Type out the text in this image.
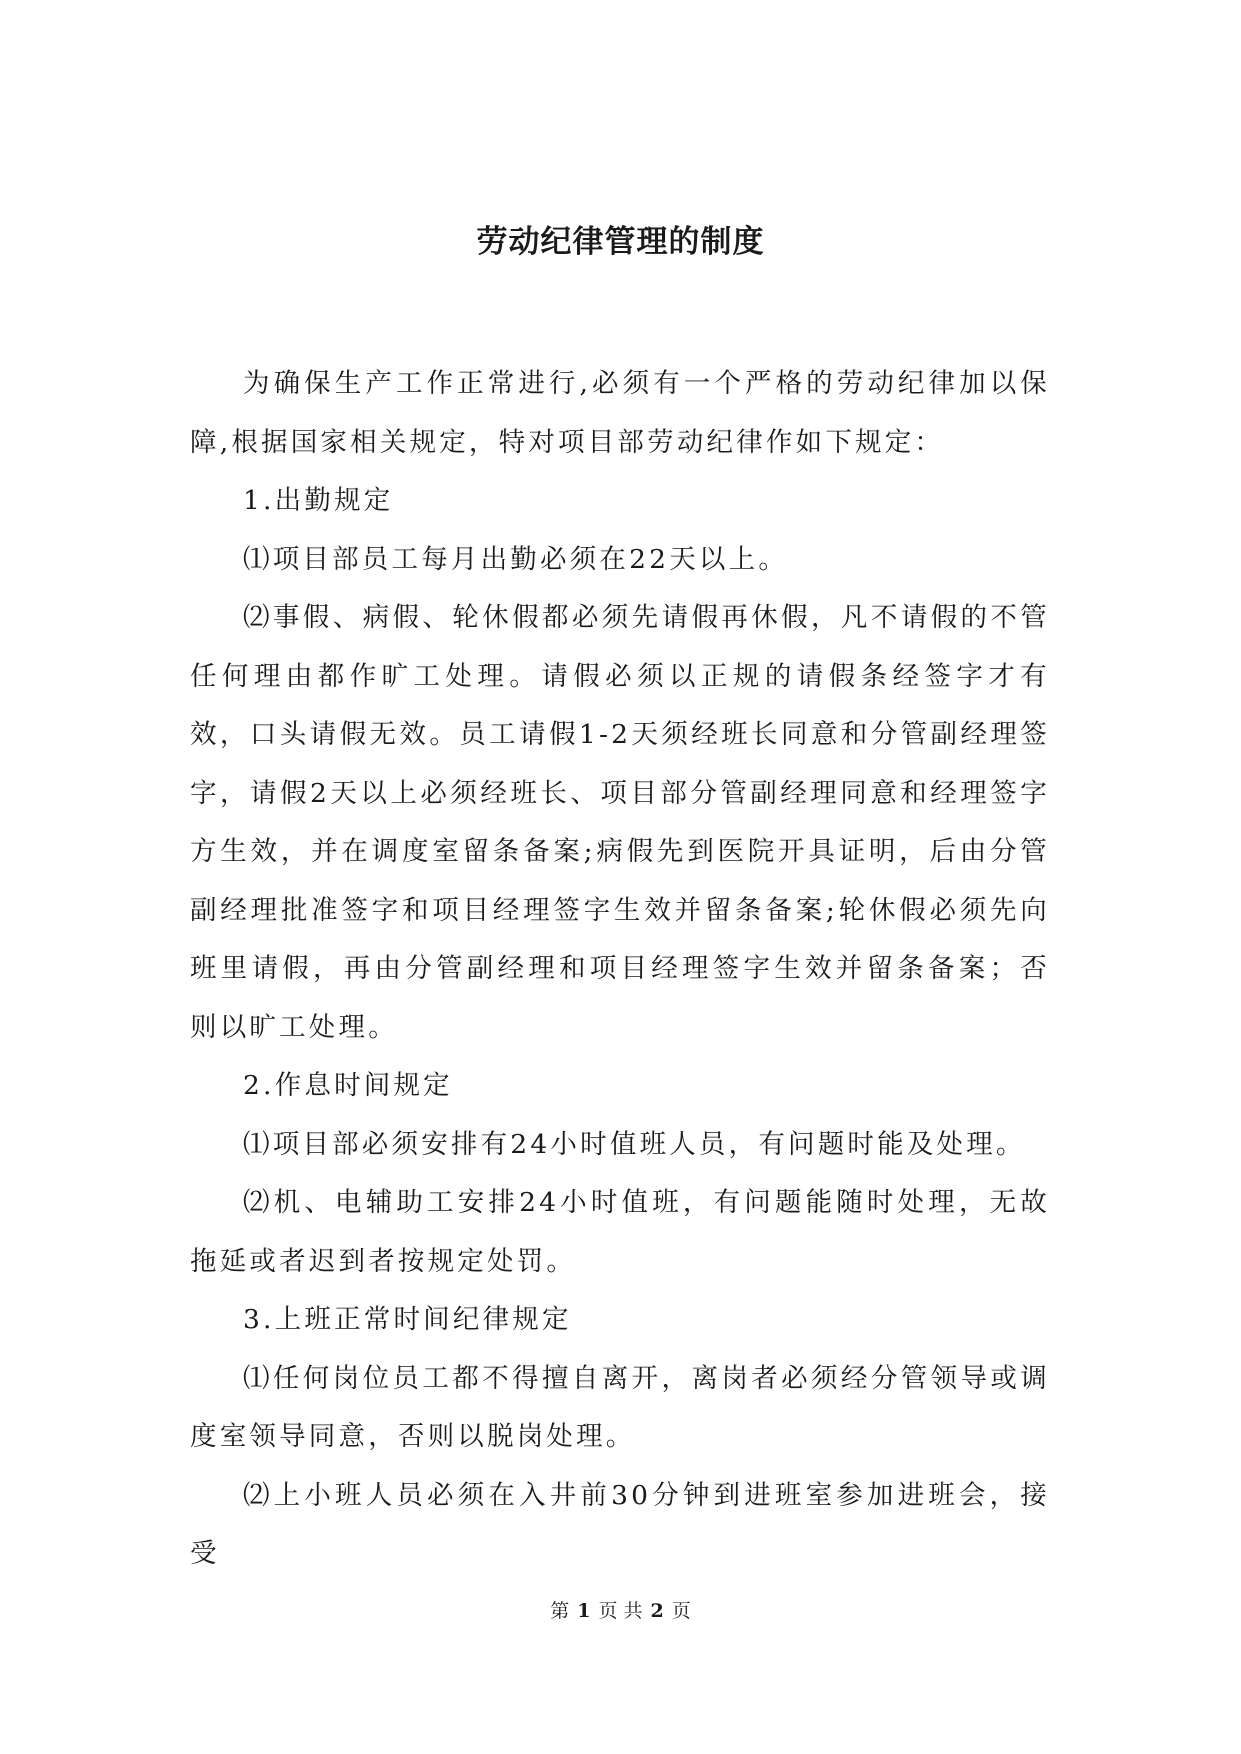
劳动纪律管理的制度

为确保生产工作正常进行,必须有一个严格的劳动纪律加以保障,根据国家相关规定，特对项目部劳动纪律作如下规定：

1.出勤规定

⑴项目部员工每月出勤必须在22天以上。

⑵事假、病假、轮休假都必须先请假再休假，凡不请假的不管任何理由都作旷工处理。请假必须以正规的请假条经签字才有效，口头请假无效。员工请假1-2天须经班长同意和分管副经理签字，请假2天以上必须经班长、项目部分管副经理同意和经理签字方生效，并在调度室留条备案;病假先到医院开具证明，后由分管副经理批准签字和项目经理签字生效并留条备案;轮休假必须先向班里请假，再由分管副经理和项目经理签字生效并留条备案；否则以旷工处理。

2.作息时间规定

⑴项目部必须安排有24小时值班人员，有问题时能及处理。

⑵机、电辅助工安排24小时值班，有问题能随时处理，无故拖延或者迟到者按规定处罚。

3.上班正常时间纪律规定

⑴任何岗位员工都不得擅自离开，离岗者必须经分管领导或调度室领导同意，否则以脱岗处理。

⑵上小班人员必须在入井前30分钟到进班室参加进班会，接受

第 1 页 共 2 页
